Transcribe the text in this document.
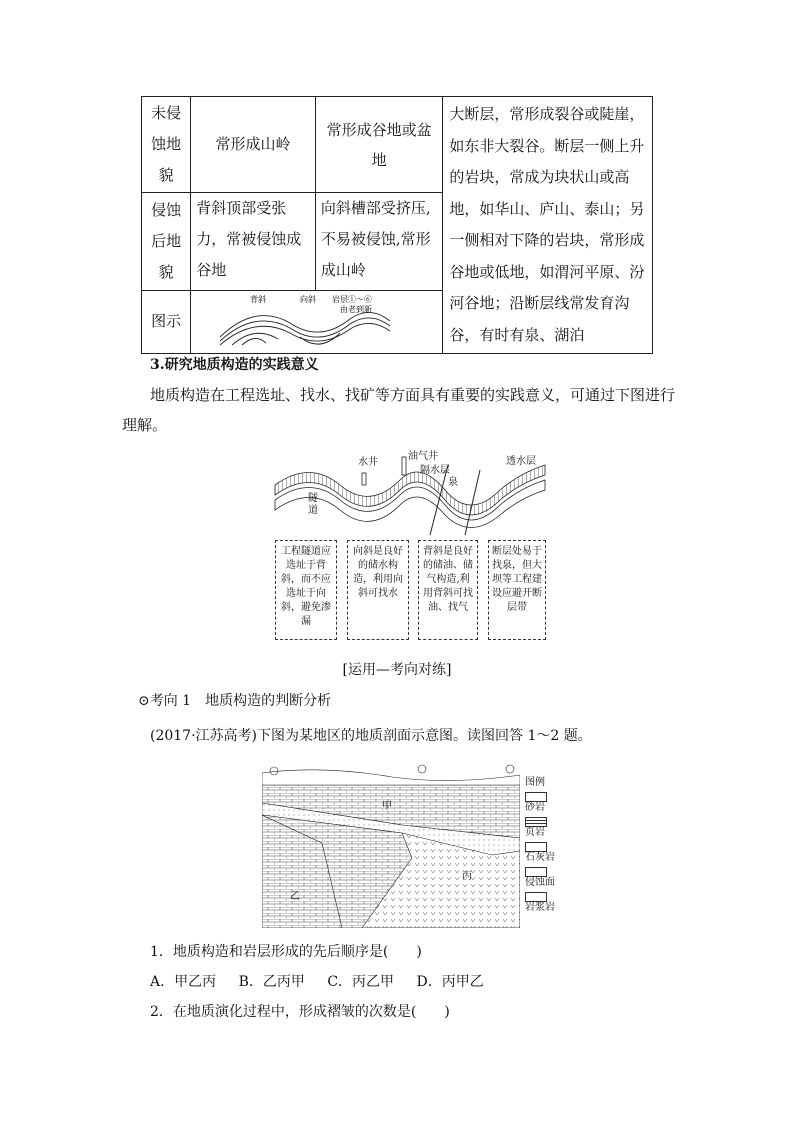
未侵蚀地貌	常形成山岭	常形成谷地或盆地	大断层，常形成裂谷或陡崖，如东非大裂谷。断层一侧上升的岩块，常成为块状山或高地，如华山、庐山、泰山；另一侧相对下降的岩块，常形成谷地或低地，如渭河平原、汾河谷地；沿断层线常发育沟谷，有时有泉、湖泊

侵蚀后地貌	背斜顶部受张力，常被侵蚀成谷地	向斜槽部受挤压,不易被侵蚀,常形成山岭	
图示	背斜 向斜 岩层①～⑥
由老到新		
3.研究地质构造的实践意义
地质构造在工程选址、找水、找矿等方面具有重要的实践意义，可通过下图进行理解。
水井
油气井
隔水层
泉
透水层
隧道
工程隧道应选址于背斜，而不应选址于向斜，避免渗漏
向斜是良好的储水构造，利用向斜可找水
背斜是良好的储油、储气构造,利用背斜可找油、找气
断层处易于找泉，但大坝等工程建设应避开断层带
[运用—考向对练]
⊙考向 1　地质构造的判断分析
(2017·江苏高考)下图为某地区的地质剖面示意图。读图回答 1～2 题。
甲
乙
丙
图例
砂岩
页岩
石灰岩
侵蚀面
岩浆岩
1．地质构造和岩层形成的先后顺序是(　　)
A．甲乙丙 B．乙丙甲 C．丙乙甲 D．丙甲乙
2．在地质演化过程中，形成褶皱的次数是(　　)
